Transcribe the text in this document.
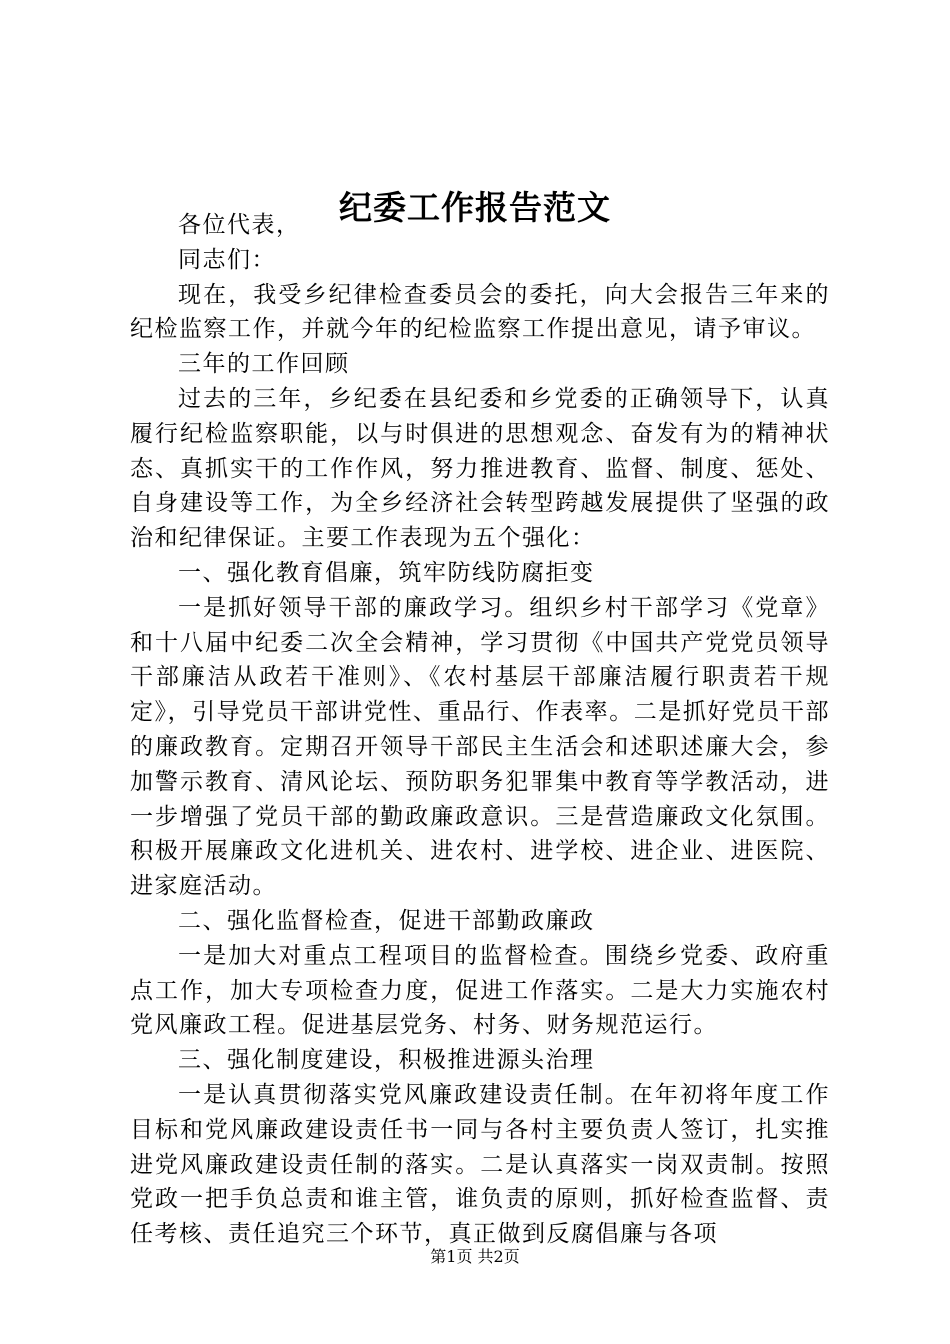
纪委工作报告范文

各位代表，

同志们：

现在，我受乡纪律检查委员会的委托，向大会报告三年来的纪检监察工作，并就今年的纪检监察工作提出意见，请予审议。

三年的工作回顾

过去的三年，乡纪委在县纪委和乡党委的正确领导下，认真履行纪检监察职能，以与时俱进的思想观念、奋发有为的精神状态、真抓实干的工作作风，努力推进教育、监督、制度、惩处、自身建设等工作，为全乡经济社会转型跨越发展提供了坚强的政治和纪律保证。主要工作表现为五个强化：

一、强化教育倡廉，筑牢防线防腐拒变

一是抓好领导干部的廉政学习。组织乡村干部学习《党章》和十八届中纪委二次全会精神，学习贯彻《中国共产党党员领导干部廉洁从政若干准则》、《农村基层干部廉洁履行职责若干规定》，引导党员干部讲党性、重品行、作表率。二是抓好党员干部的廉政教育。定期召开领导干部民主生活会和述职述廉大会，参加警示教育、清风论坛、预防职务犯罪集中教育等学教活动，进一步增强了党员干部的勤政廉政意识。三是营造廉政文化氛围。积极开展廉政文化进机关、进农村、进学校、进企业、进医院、进家庭活动。

二、强化监督检查，促进干部勤政廉政

一是加大对重点工程项目的监督检查。围绕乡党委、政府重点工作，加大专项检查力度，促进工作落实。二是大力实施农村党风廉政工程。促进基层党务、村务、财务规范运行。

三、强化制度建设，积极推进源头治理

一是认真贯彻落实党风廉政建设责任制。在年初将年度工作目标和党风廉政建设责任书一同与各村主要负责人签订，扎实推进党风廉政建设责任制的落实。二是认真落实一岗双责制。按照党政一把手负总责和谁主管，谁负责的原则，抓好检查监督、责任考核、责任追究三个环节，真正做到反腐倡廉与各项

第1页 共2页
